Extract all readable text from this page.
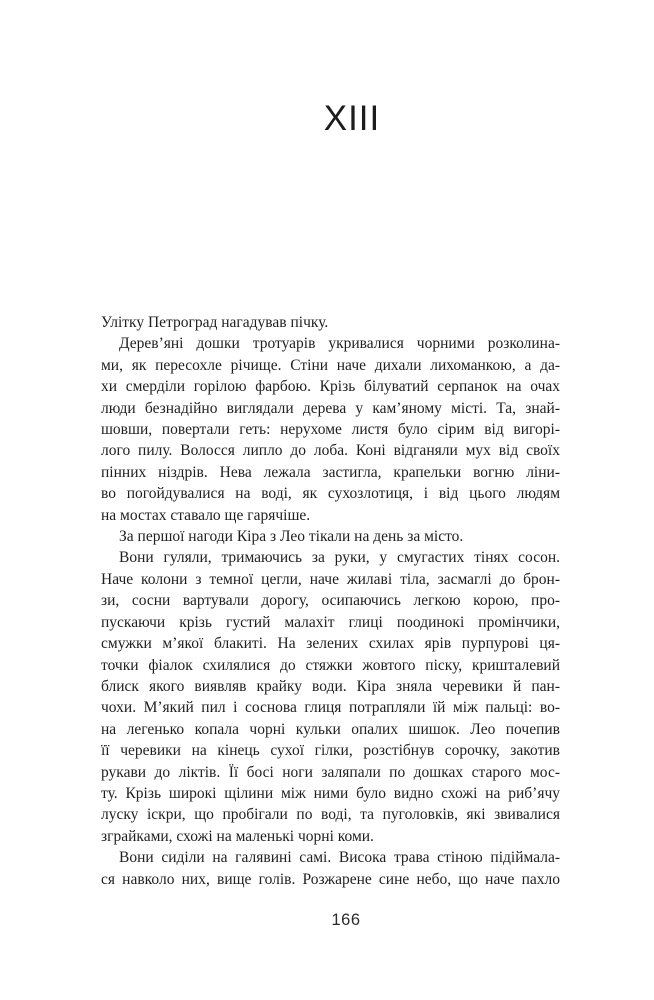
XIII
Улітку Петроград нагадував пічку.
Дерев’яні дошки тротуарів укривалися чорними розколина-
ми, як пересохле річище. Стіни наче дихали лихоманкою, а да-
хи смерділи горілою фарбою. Крізь білуватий серпанок на очах
люди безнадійно виглядали дерева у кам’яному місті. Та, знай-
шовши, повертали геть: нерухоме листя було сірим від вигорі-
лого пилу. Волосся липло до лоба. Коні відганяли мух від своїх
пінних ніздрів. Нева лежала застигла, крапельки вогню ліни-
во погойдувалися на воді, як сухозлотиця, і від цього людям
на мостах ставало ще гарячіше.
За першої нагоди Кіра з Лео тікали на день за місто.
Вони гуляли, тримаючись за руки, у смугастих тінях сосон.
Наче колони з темної цегли, наче жилаві тіла, засмаглі до брон-
зи, сосни вартували дорогу, осипаючись легкою корою, про-
пускаючи крізь густий малахіт глиці поодинокі промінчики,
смужки м’якої блакиті. На зелених схилах ярів пурпурові ця-
точки фіалок схилялися до стяжки жовтого піску, кришталевий
блиск якого виявляв крайку води. Кіра зняла черевики й пан-
чохи. М’який пил і соснова глиця потрапляли їй між пальці: во-
на легенько копала чорні кульки опалих шишок. Лео почепив
її черевики на кінець сухої гілки, розстібнув сорочку, закотив
рукави до ліктів. Її босі ноги заляпали по дошках старого мос-
ту. Крізь широкі щілини між ними було видно схожі на риб’ячу
луску іскри, що пробігали по воді, та пуголовків, які звивалися
зграйками, схожі на маленькі чорні коми.
Вони сиділи на галявині самі. Висока трава стіною підіймала-
ся навколо них, вище голів. Розжарене сине небо, що наче пахло
166
